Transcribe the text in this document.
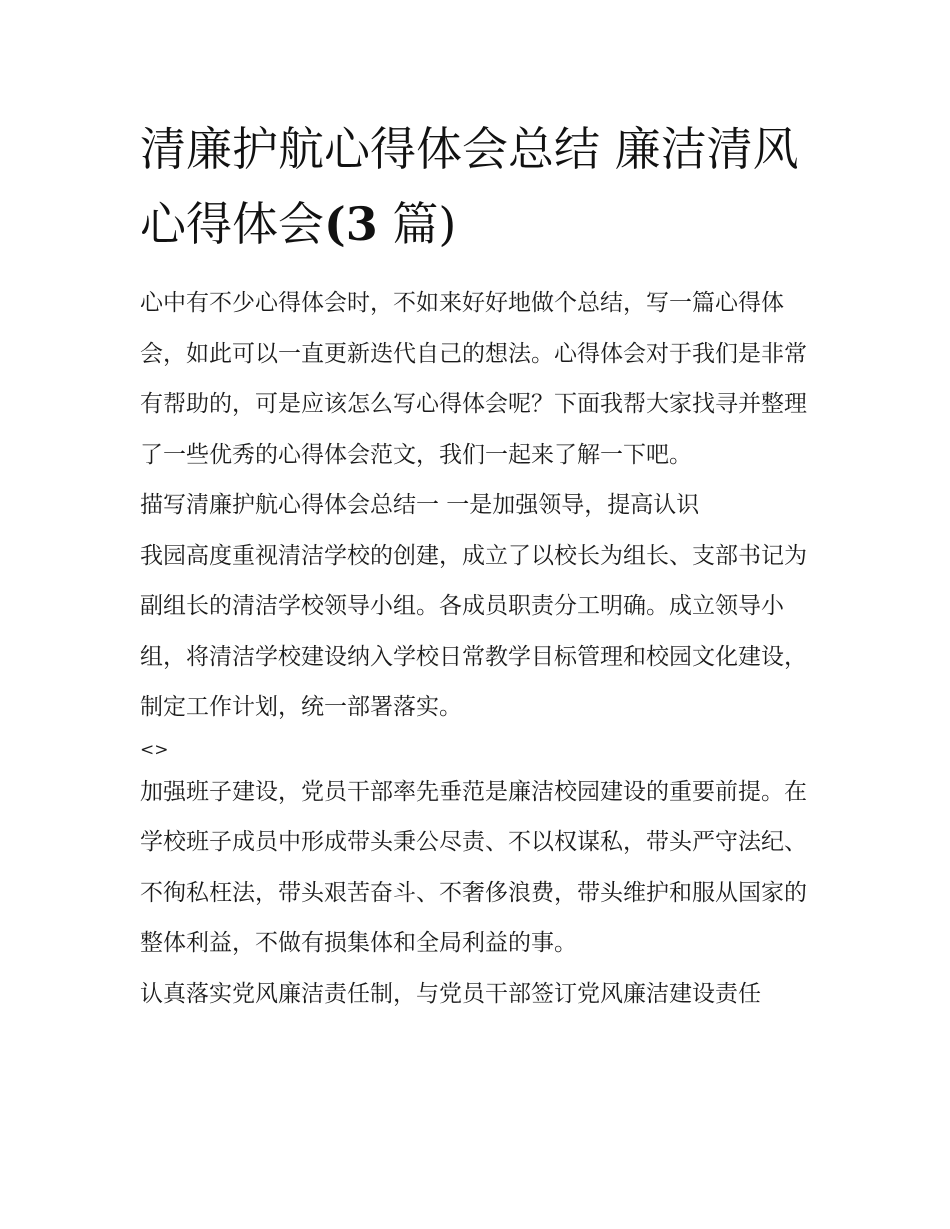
清廉护航心得体会总结 廉洁清风心得体会(3 篇)

心中有不少心得体会时，不如来好好地做个总结，写一篇心得体会，如此可以一直更新迭代自己的想法。心得体会对于我们是非常有帮助的，可是应该怎么写心得体会呢？下面我帮大家找寻并整理了一些优秀的心得体会范文，我们一起来了解一下吧。

描写清廉护航心得体会总结一 一是加强领导，提高认识

我园高度重视清洁学校的创建，成立了以校长为组长、支部书记为副组长的清洁学校领导小组。各成员职责分工明确。成立领导小组，将清洁学校建设纳入学校日常教学目标管理和校园文化建设，制定工作计划，统一部署落实。

<>

加强班子建设，党员干部率先垂范是廉洁校园建设的重要前提。在学校班子成员中形成带头秉公尽责、不以权谋私，带头严守法纪、不徇私枉法，带头艰苦奋斗、不奢侈浪费，带头维护和服从国家的整体利益，不做有损集体和全局利益的事。

认真落实党风廉洁责任制，与党员干部签订党风廉洁建设责任
